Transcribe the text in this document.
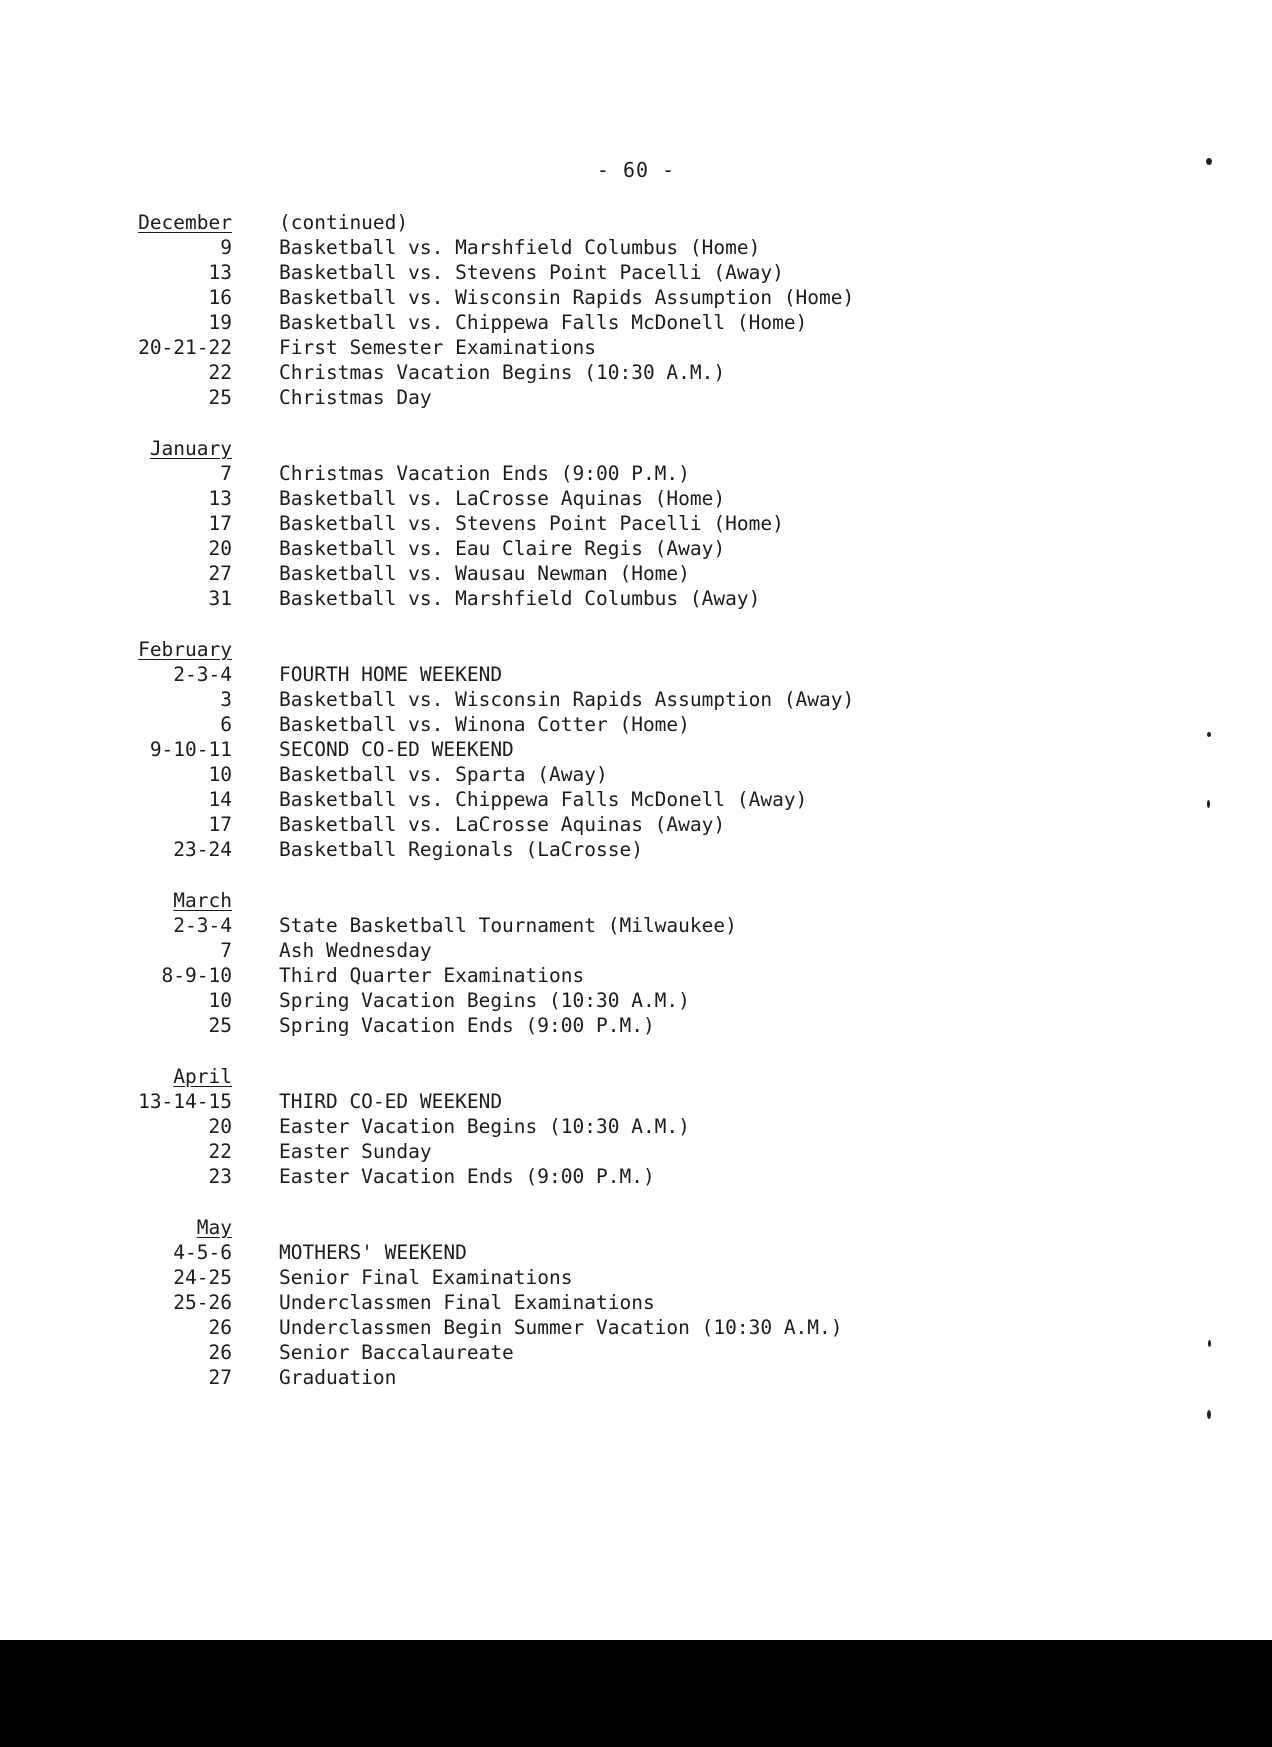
- 60 -
December (continued)
9 Basketball vs. Marshfield Columbus (Home)
13 Basketball vs. Stevens Point Pacelli (Away)
16 Basketball vs. Wisconsin Rapids Assumption (Home)
19 Basketball vs. Chippewa Falls McDonell (Home)
20-21-22 First Semester Examinations
22 Christmas Vacation Begins (10:30 A.M.)
25 Christmas Day
January
7 Christmas Vacation Ends (9:00 P.M.)
13 Basketball vs. LaCrosse Aquinas (Home)
17 Basketball vs. Stevens Point Pacelli (Home)
20 Basketball vs. Eau Claire Regis (Away)
27 Basketball vs. Wausau Newman (Home)
31 Basketball vs. Marshfield Columbus (Away)
February
2-3-4 FOURTH HOME WEEKEND
3 Basketball vs. Wisconsin Rapids Assumption (Away)
6 Basketball vs. Winona Cotter (Home)
9-10-11 SECOND CO-ED WEEKEND
10 Basketball vs. Sparta (Away)
14 Basketball vs. Chippewa Falls McDonell (Away)
17 Basketball vs. LaCrosse Aquinas (Away)
23-24 Basketball Regionals (LaCrosse)
March
2-3-4 State Basketball Tournament (Milwaukee)
7 Ash Wednesday
8-9-10 Third Quarter Examinations
10 Spring Vacation Begins (10:30 A.M.)
25 Spring Vacation Ends (9:00 P.M.)
April
13-14-15 THIRD CO-ED WEEKEND
20 Easter Vacation Begins (10:30 A.M.)
22 Easter Sunday
23 Easter Vacation Ends (9:00 P.M.)
May
4-5-6 MOTHERS' WEEKEND
24-25 Senior Final Examinations
25-26 Underclassmen Final Examinations
26 Underclassmen Begin Summer Vacation (10:30 A.M.)
26 Senior Baccalaureate
27 Graduation
